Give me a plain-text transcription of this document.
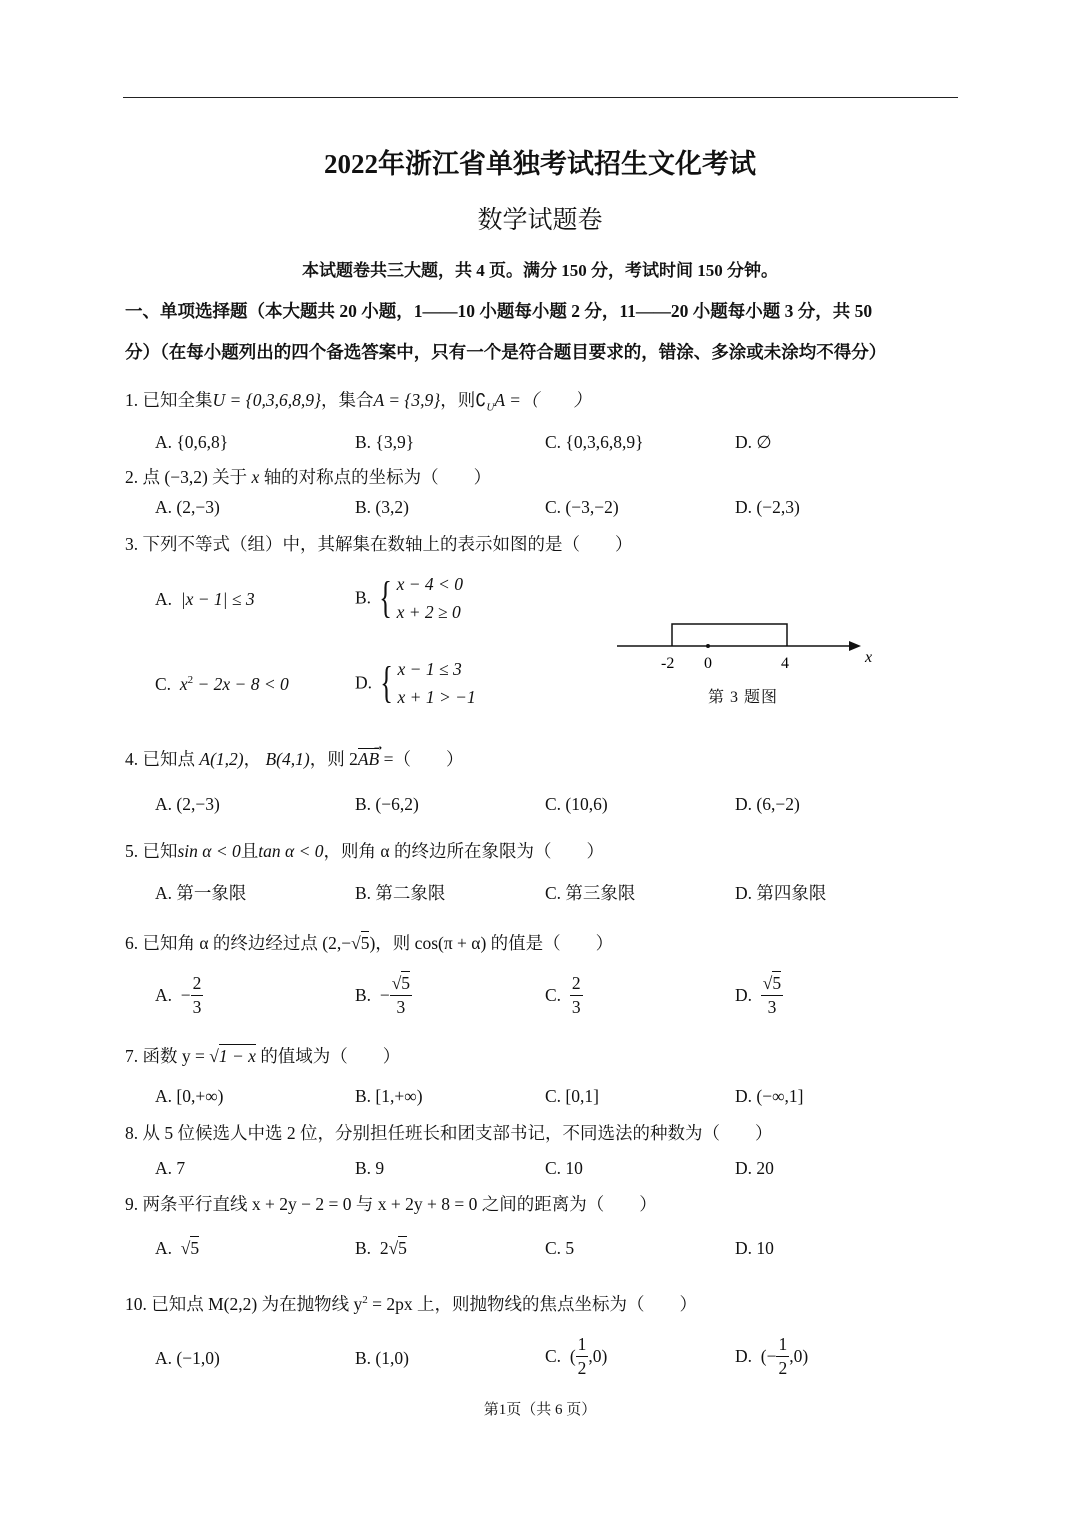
2022年浙江省单独考试招生文化考试
数学试题卷
本试题卷共三大题，共 4 页。满分 150 分，考试时间 150 分钟。
一、单项选择题（本大题共 20 小题，1——10 小题每小题 2 分，11——20 小题每小题 3 分，共 50
分）（在每小题列出的四个备选答案中，只有一个是符合题目要求的，错涂、多涂或未涂均不得分）
1. 已知全集U = {0,3,6,8,9}，集合A = {3,9}，则$∁_UA$ =（　　）
A. {0,6,8}	B. {3,9}	C. {0,3,6,8,9}	D. ∅
2. 点 (−3,2) 关于 x 轴的对称点的坐标为（　　）
A. (2,−3)	B. (3,2)	C. (−3,−2)	D. (−2,3)
3. 下列不等式（组）中，其解集在数轴上的表示如图的是（　　）
A. |x − 1| ≤ 3	B. { x − 4 < 0
x + 2 ≥ 0
C. $x^2 - 2x - 8 < 0$	D. { x − 1 ≤ 3
x + 1 > −1
-2 0	4	x
第 3 题图
4. 已知点 A(1,2)， B(4,1)，则 2
➝
AB =（　　）
A. (2,−3)	B. (−6,2)	C. (10,6)	D. (6,−2)
5. 已知sin α < 0且tan α < 0，则角 α 的终边所在象限为（　　）
A. 第一象限	B. 第二象限	C. 第三象限	D. 第四象限
6. 已知角 α 的终边经过点 (2,−√5)，则 cos(π + α) 的值是（　　）
A. − $\frac{2}{3}$	B. − $\frac{√5}{3}$	C. $\frac{2}{3}$	D. $\frac{√5}{3}$
7. 函数 y = √1 − x 的值域为（　　）
A. [0,+∞)	B. [1,+∞)	C. [0,1]	D. (−∞,1]
8. 从 5 位候选人中选 2 位，分别担任班长和团支部书记，不同选法的种数为（　　）
A. 7	B. 9	C. 10	D. 20
9. 两条平行直线 x + 2y − 2 = 0 与 x + 2y + 8 = 0 之间的距离为（　　）
A.  √5	B. 2√5	C. 5	D. 10
10. 已知点 M(2,2) 为在抛物线 $y^2 = 2px$ 上，则抛物线的焦点坐标为（　　）
A. (−1,0)	B. (1,0)	C. ( $\frac{1}{2} ,0$)	D. (− $\frac{1}{2} ,0$)
第1页（共 6 页）
